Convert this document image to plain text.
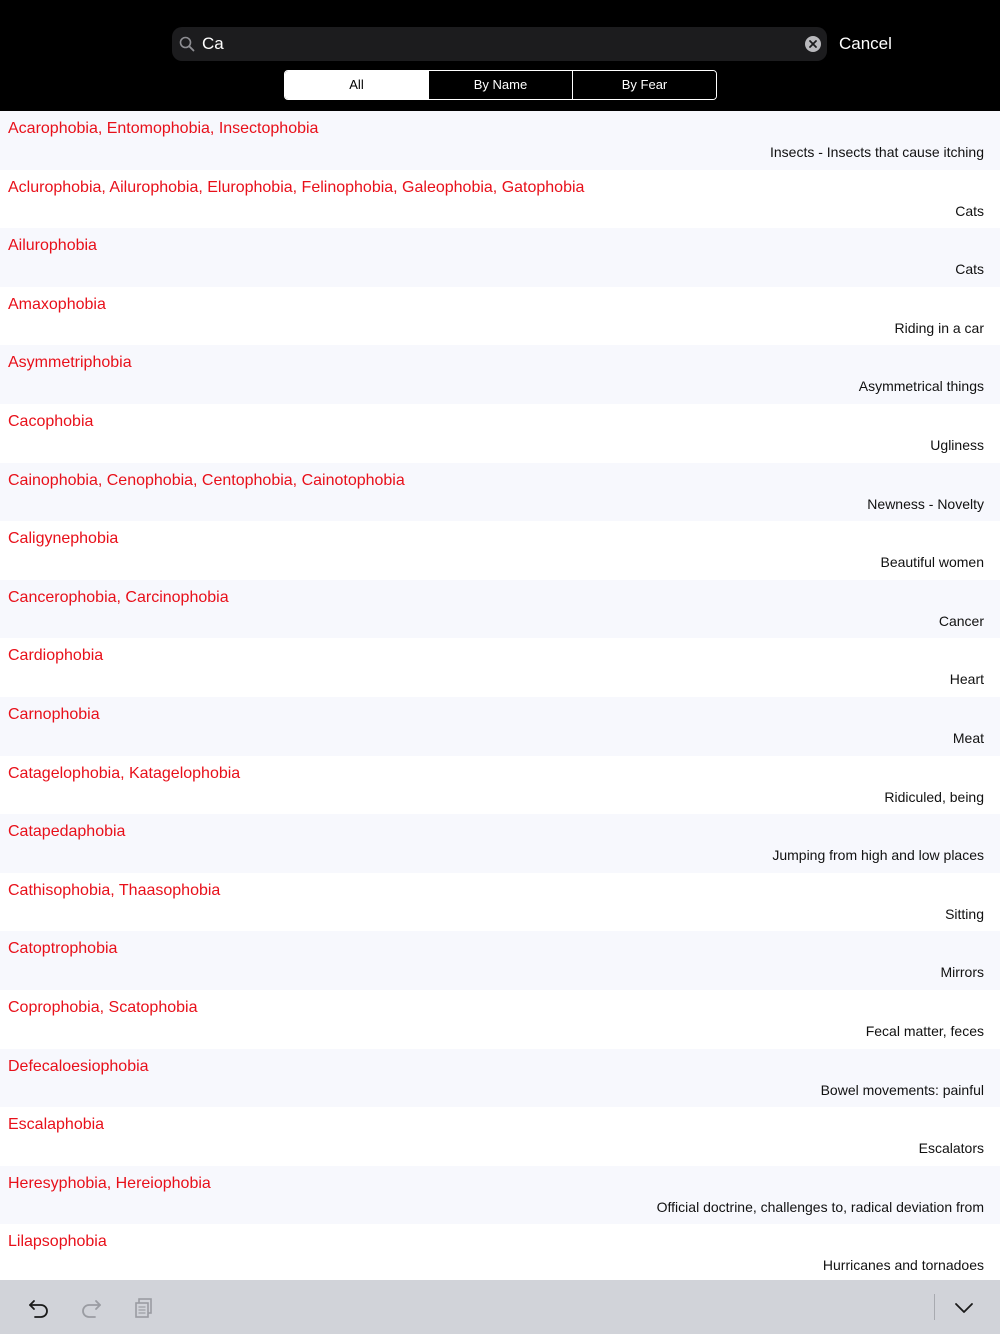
Ca	Cancel
All	By Name	By Fear
Acarophobia, Entomophobia, Insectophobia
Insects - Insects that cause itching
Aclurophobia, Ailurophobia, Elurophobia, Felinophobia, Galeophobia, Gatophobia
Cats
Ailurophobia
Cats
Amaxophobia
Riding in a car
Asymmetriphobia
Asymmetrical things
Cacophobia
Ugliness
Cainophobia, Cenophobia, Centophobia, Cainotophobia
Newness - Novelty
Caligynephobia
Beautiful women
Cancerophobia, Carcinophobia
Cancer
Cardiophobia
Heart
Carnophobia
Meat
Catagelophobia, Katagelophobia
Ridiculed, being
Catapedaphobia
Jumping from high and low places
Cathisophobia, Thaasophobia
Sitting
Catoptrophobia
Mirrors
Coprophobia, Scatophobia
Fecal matter, feces
Defecaloesiophobia
Bowel movements: painful
Escalaphobia
Escalators
Heresyphobia, Hereiophobia
Official doctrine, challenges to, radical deviation from
Lilapsophobia
Hurricanes and tornadoes
